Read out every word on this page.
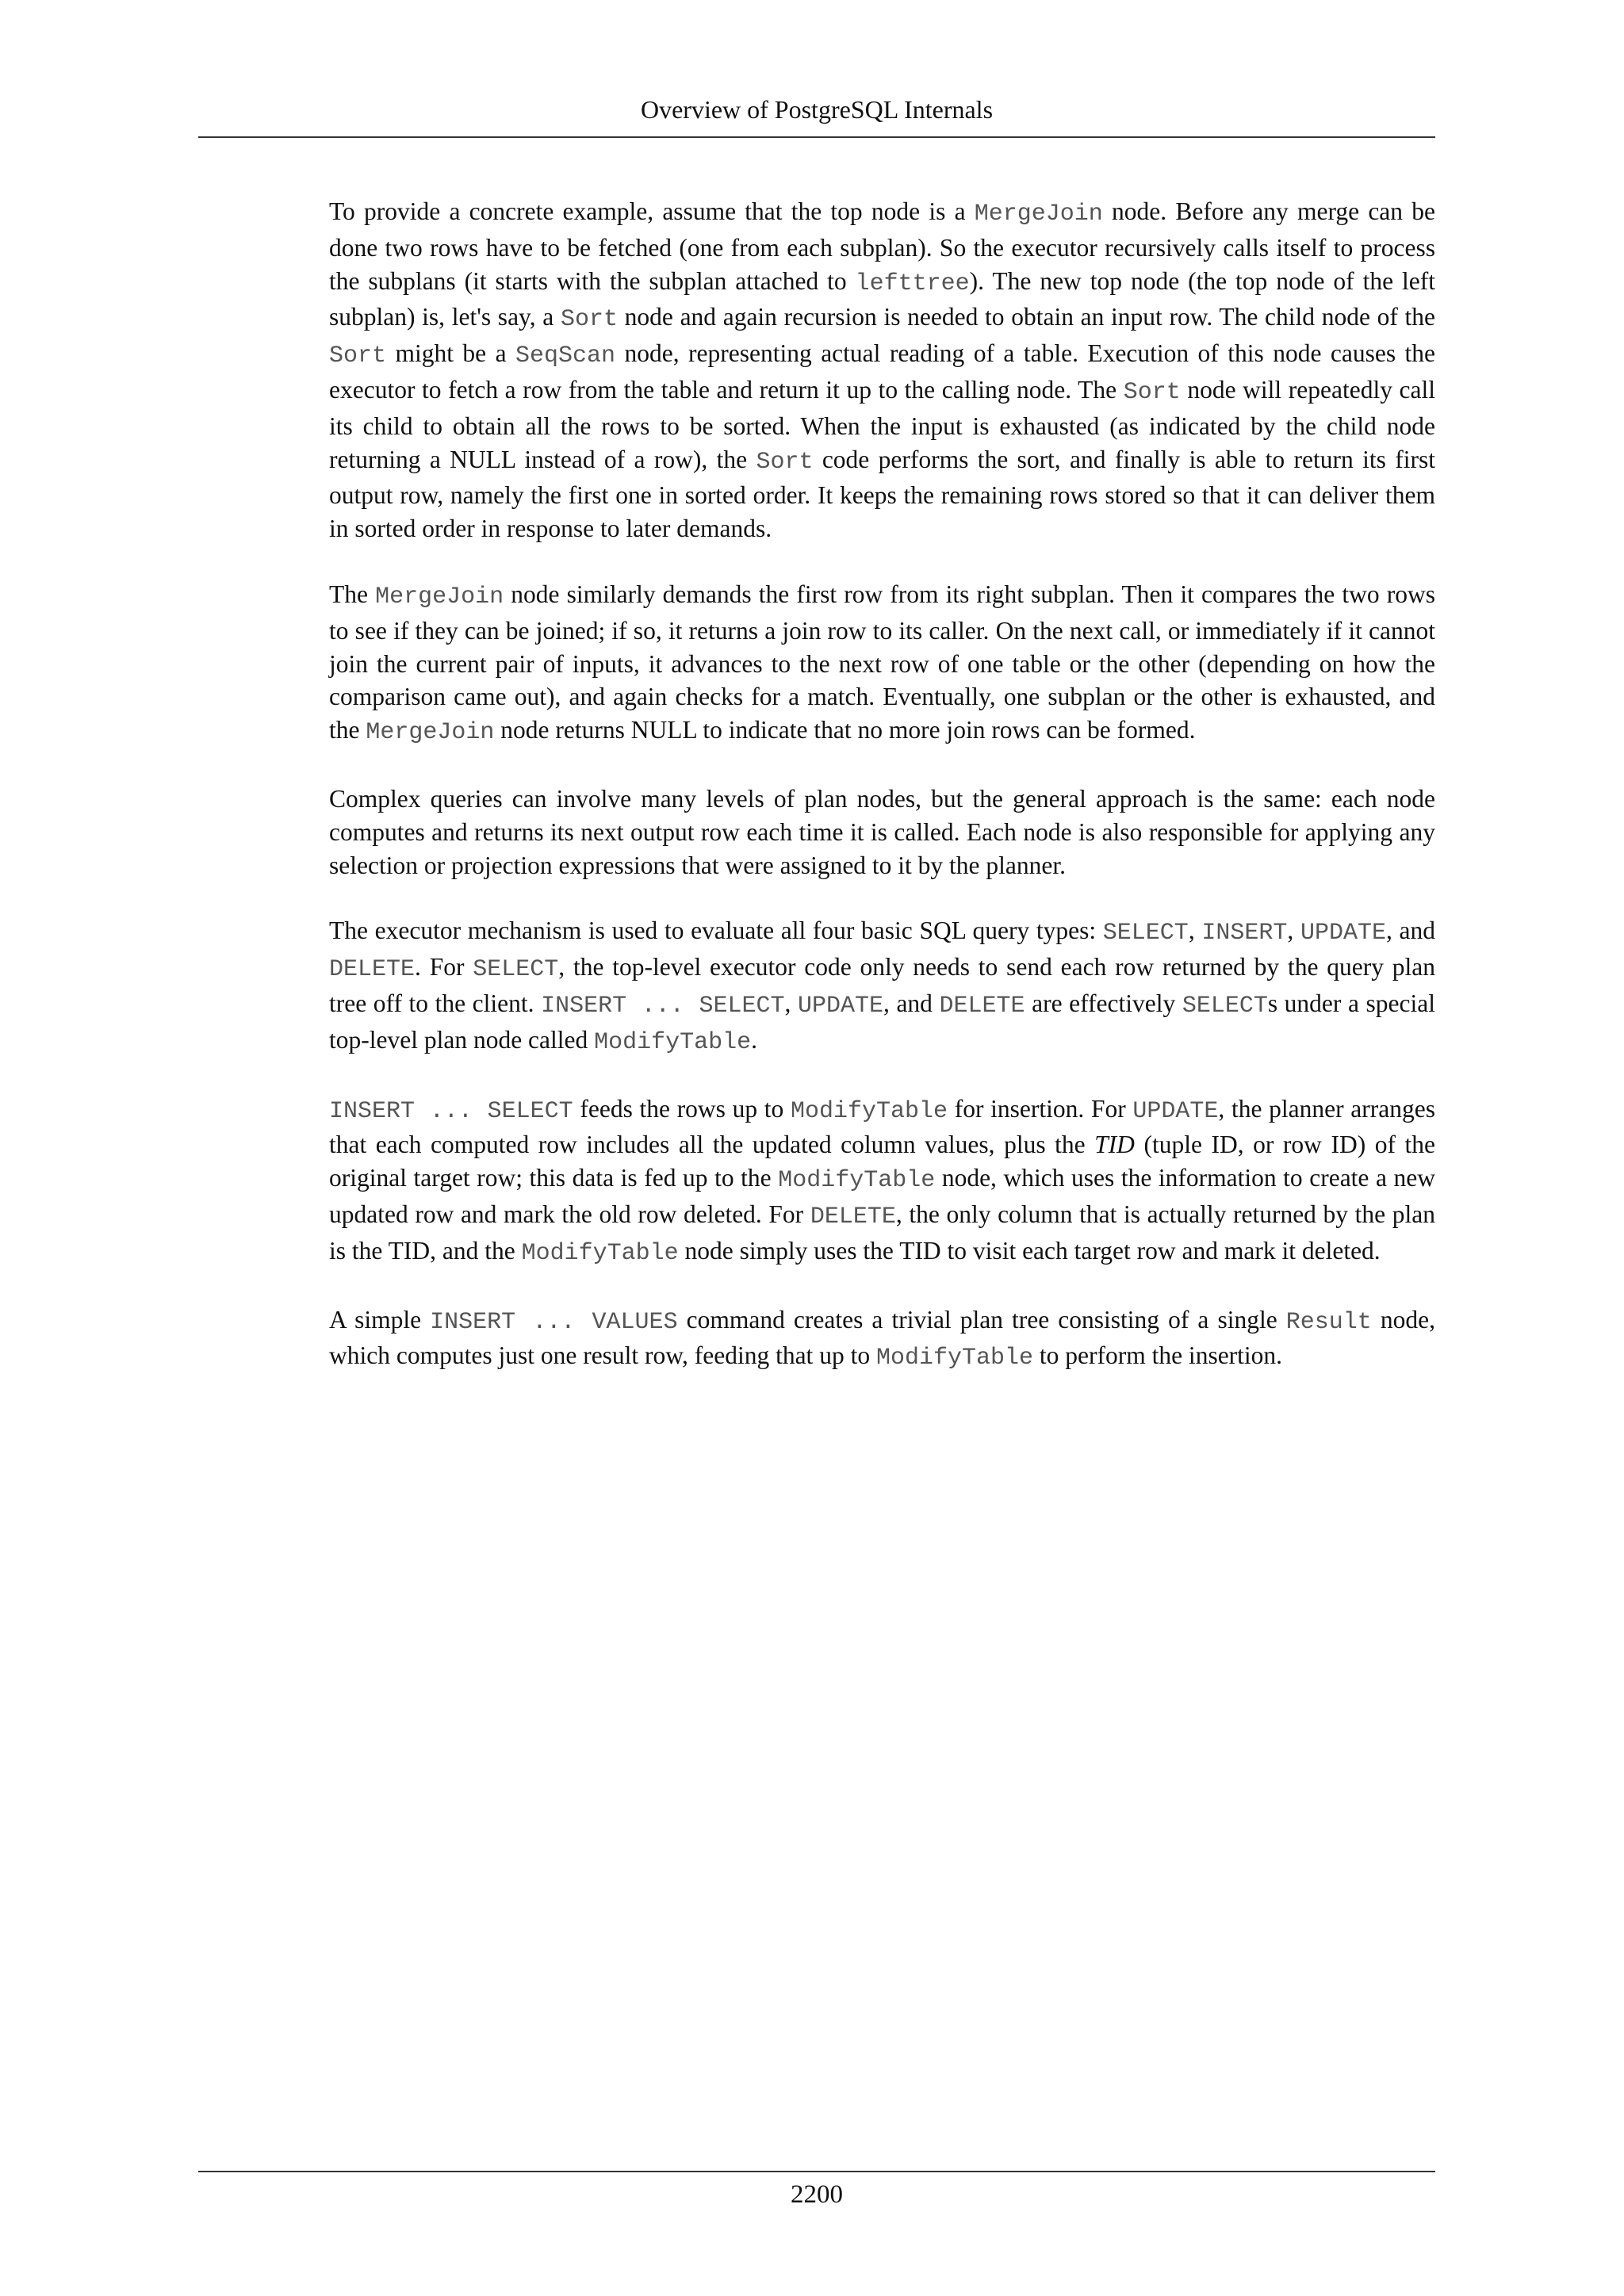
Overview of PostgreSQL Internals

To provide a concrete example, assume that the top node is a MergeJoin node. Before any merge can be done two rows have to be fetched (one from each subplan). So the executor recursively calls itself to process the subplans (it starts with the subplan attached to lefttree). The new top node (the top node of the left subplan) is, let's say, a Sort node and again recursion is needed to obtain an input row. The child node of the Sort might be a SeqScan node, representing actual reading of a table. Execution of this node causes the executor to fetch a row from the table and return it up to the calling node. The Sort node will repeatedly call its child to obtain all the rows to be sorted. When the input is exhausted (as indicated by the child node returning a NULL instead of a row), the Sort code performs the sort, and finally is able to return its first output row, namely the first one in sorted order. It keeps the remaining rows stored so that it can deliver them in sorted order in response to later demands.

The MergeJoin node similarly demands the first row from its right subplan. Then it compares the two rows to see if they can be joined; if so, it returns a join row to its caller. On the next call, or immediately if it cannot join the current pair of inputs, it advances to the next row of one table or the other (depending on how the comparison came out), and again checks for a match. Eventually, one subplan or the other is exhausted, and the MergeJoin node returns NULL to indicate that no more join rows can be formed.

Complex queries can involve many levels of plan nodes, but the general approach is the same: each node computes and returns its next output row each time it is called. Each node is also responsible for applying any selection or projection expressions that were assigned to it by the planner.

The executor mechanism is used to evaluate all four basic SQL query types: SELECT, INSERT, UPDATE, and DELETE. For SELECT, the top-level executor code only needs to send each row returned by the query plan tree off to the client. INSERT ... SELECT, UPDATE, and DELETE are effectively SELECTs under a special top-level plan node called ModifyTable.

INSERT ... SELECT feeds the rows up to ModifyTable for insertion. For UPDATE, the planner arranges that each computed row includes all the updated column values, plus the TID (tuple ID, or row ID) of the original target row; this data is fed up to the ModifyTable node, which uses the information to create a new updated row and mark the old row deleted. For DELETE, the only column that is actually returned by the plan is the TID, and the ModifyTable node simply uses the TID to visit each target row and mark it deleted.

A simple INSERT ... VALUES command creates a trivial plan tree consisting of a single Result node, which computes just one result row, feeding that up to ModifyTable to perform the insertion.

2200
